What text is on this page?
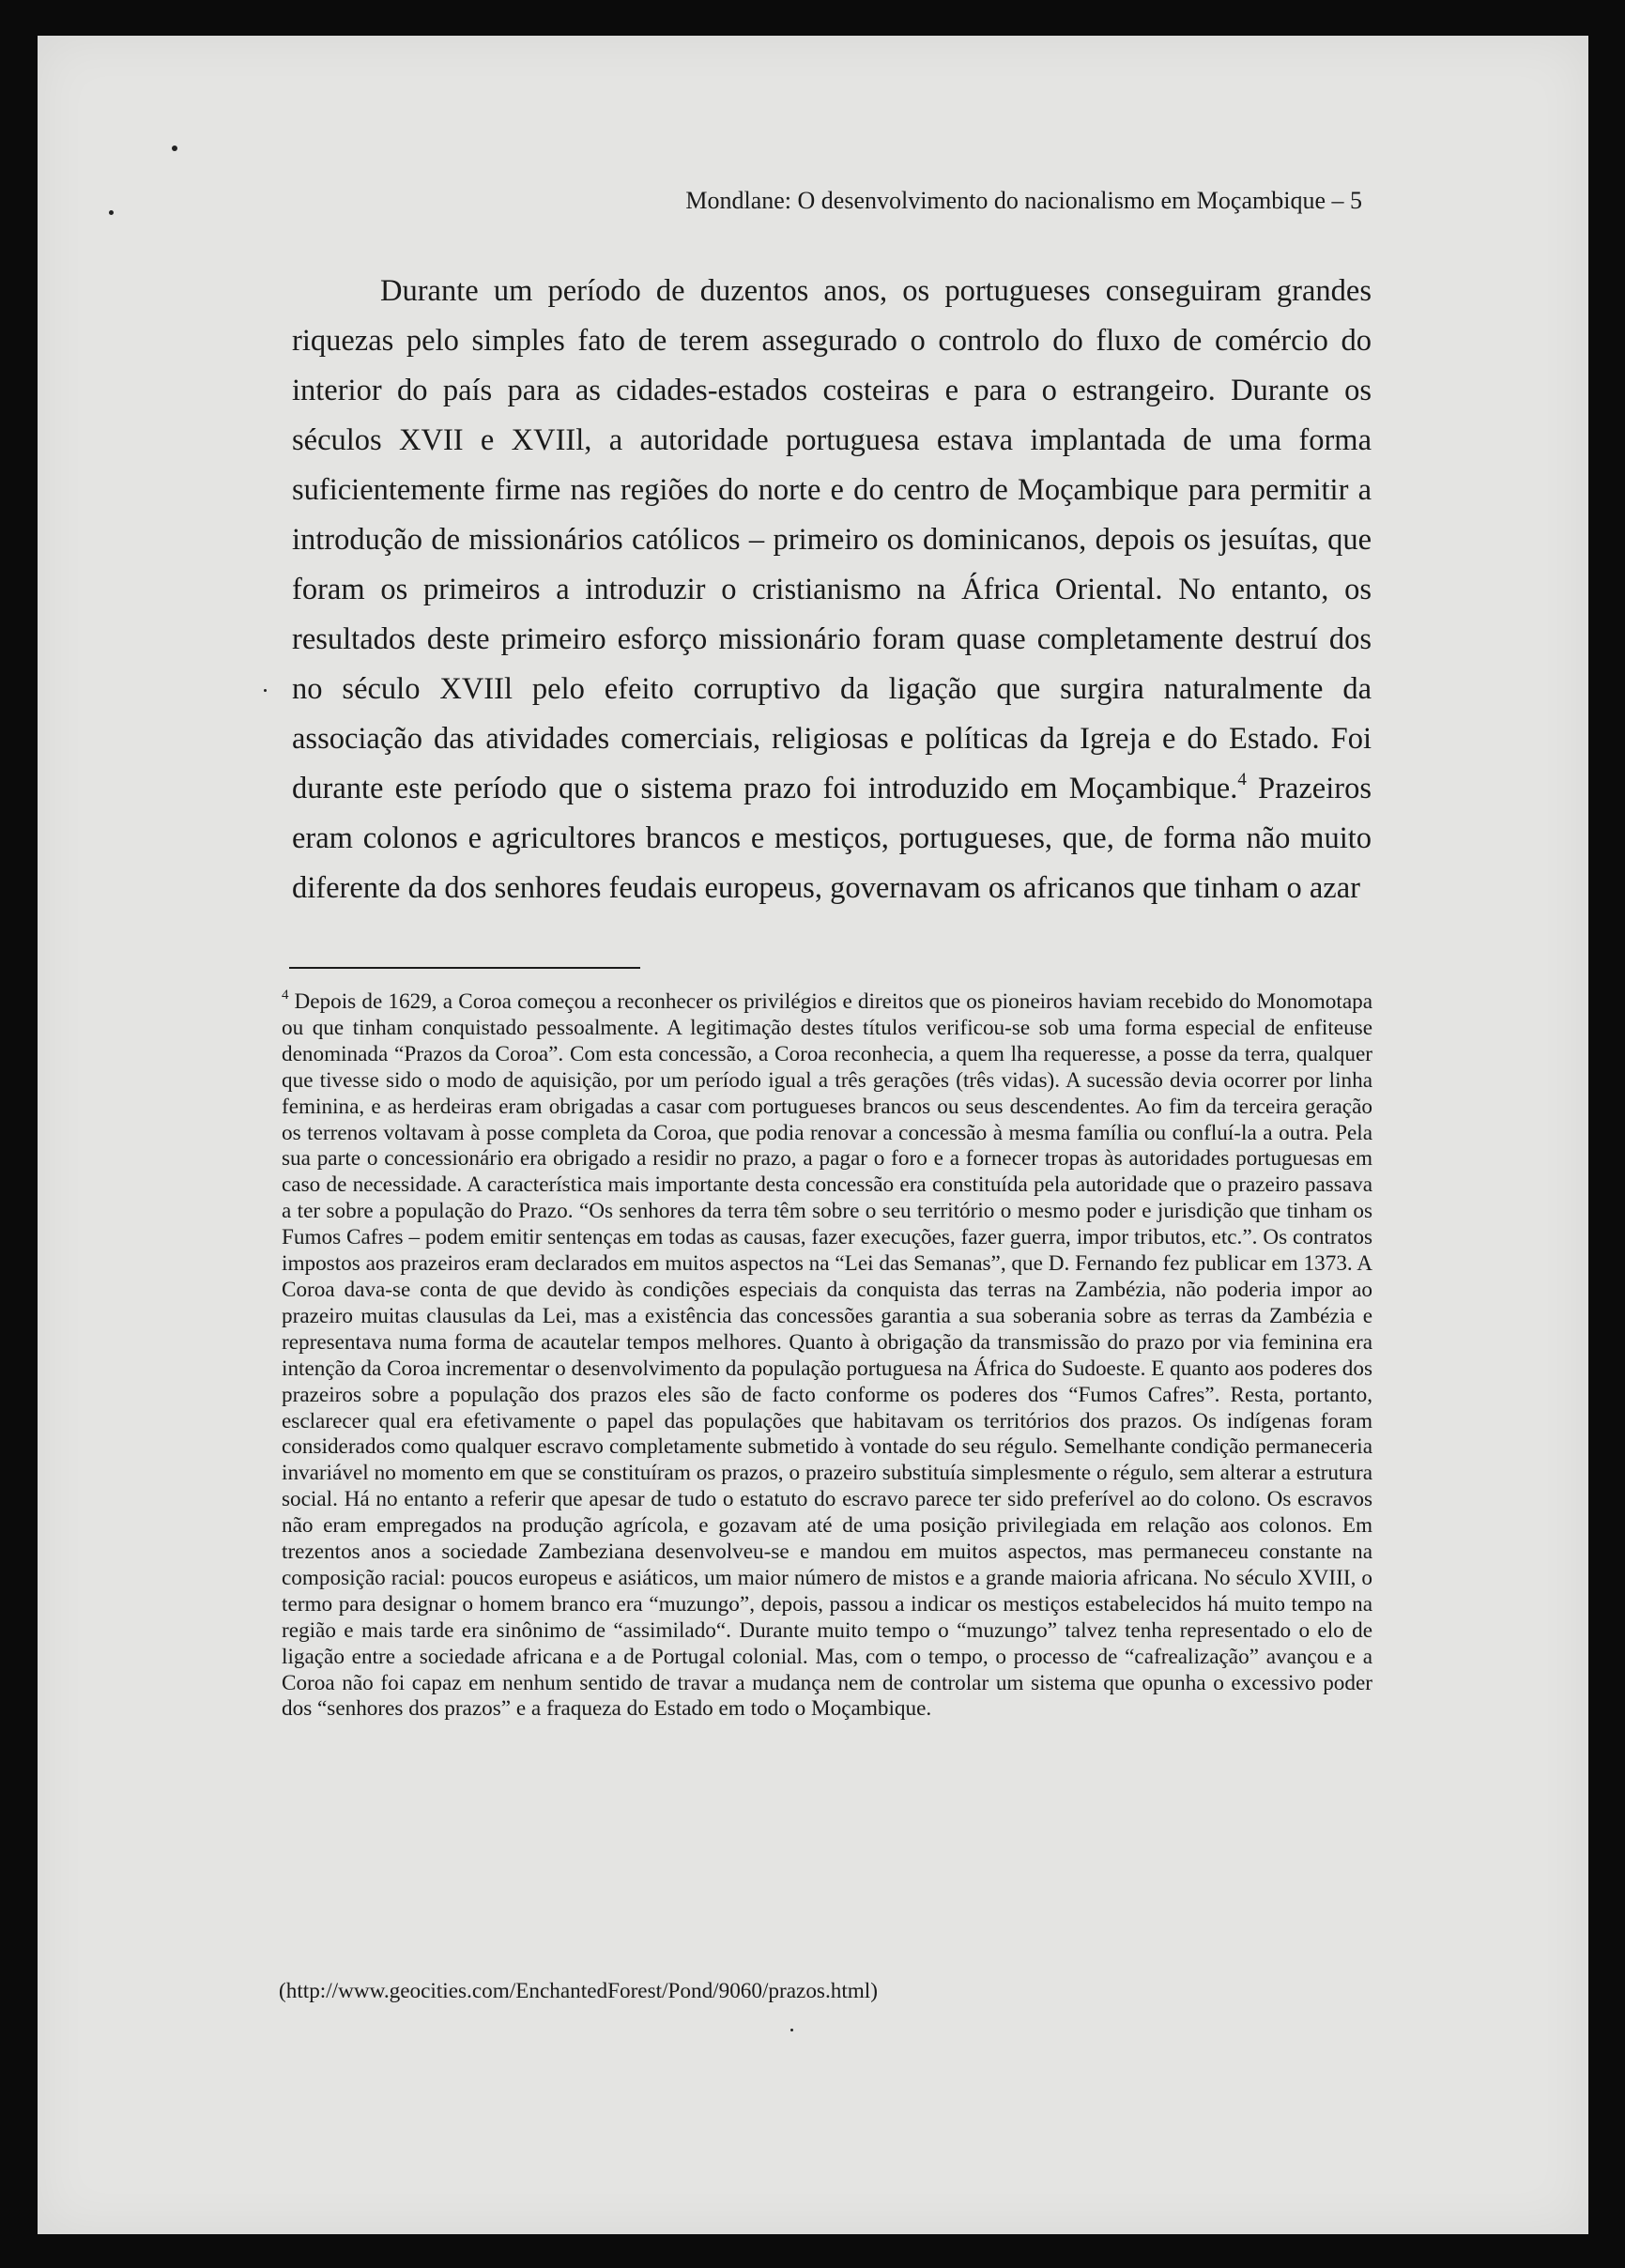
Mondlane: O desenvolvimento do nacionalismo em Moçambique – 5

Durante um período de duzentos anos, os portugueses conseguiram grandes riquezas pelo simples fato de terem assegurado o controlo do fluxo de comércio do interior do país para as cidades-estados costeiras e para o estrangeiro. Durante os séculos XVII e XVIIl, a autoridade portuguesa estava implantada de uma forma suficientemente firme nas regiões do norte e do centro de Moçambique para permitir a introdução de missionários católicos – primeiro os dominicanos, depois os jesuítas, que foram os primeiros a introduzir o cristianismo na África Oriental. No entanto, os resultados deste primeiro esforço missionário foram quase completamente destruí dos no século XVIIl pelo efeito corruptivo da ligação que surgira naturalmente da associação das atividades comerciais, religiosas e políticas da Igreja e do Estado. Foi durante este período que o sistema prazo foi introduzido em Moçambique.$^4$ Prazeiros eram colonos e agricultores brancos e mestiços, portugueses, que, de forma não muito diferente da dos senhores feudais europeus, governavam os africanos que tinham o azar

$^4$ Depois de 1629, a Coroa começou a reconhecer os privilégios e direitos que os pioneiros haviam recebido do Monomotapa ou que tinham conquistado pessoalmente. A legitimação destes títulos verificou-se sob uma forma especial de enfiteuse denominada “Prazos da Coroa”. Com esta concessão, a Coroa reconhecia, a quem lha requeresse, a posse da terra, qualquer que tivesse sido o modo de aquisição, por um período igual a três gerações (três vidas). A sucessão devia ocorrer por linha feminina, e as herdeiras eram obrigadas a casar com portugueses brancos ou seus descendentes. Ao fim da terceira geração os terrenos voltavam à posse completa da Coroa, que podia renovar a concessão à mesma família ou confluí-la a outra. Pela sua parte o concessionário era obrigado a residir no prazo, a pagar o foro e a fornecer tropas às autoridades portuguesas em caso de necessidade. A característica mais importante desta concessão era constituída pela autoridade que o prazeiro passava a ter sobre a população do Prazo. “Os senhores da terra têm sobre o seu território o mesmo poder e jurisdição que tinham os Fumos Cafres – podem emitir sentenças em todas as causas, fazer execuções, fazer guerra, impor tributos, etc.”. Os contratos impostos aos prazeiros eram declarados em muitos aspectos na “Lei das Semanas”, que D. Fernando fez publicar em 1373. A Coroa dava-se conta de que devido às condições especiais da conquista das terras na Zambézia, não poderia impor ao prazeiro muitas clausulas da Lei, mas a existência das concessões garantia a sua soberania sobre as terras da Zambézia e representava numa forma de acautelar tempos melhores. Quanto à obrigação da transmissão do prazo por via feminina era intenção da Coroa incrementar o desenvolvimento da população portuguesa na África do Sudoeste. E quanto aos poderes dos prazeiros sobre a população dos prazos eles são de facto conforme os poderes dos “Fumos Cafres”. Resta, portanto, esclarecer qual era efetivamente o papel das populações que habitavam os territórios dos prazos. Os indígenas foram considerados como qualquer escravo completamente submetido à vontade do seu régulo. Semelhante condição permaneceria invariável no momento em que se constituíram os prazos, o prazeiro substituía simplesmente o régulo, sem alterar a estrutura social. Há no entanto a referir que apesar de tudo o estatuto do escravo parece ter sido preferível ao do colono. Os escravos não eram empregados na produção agrícola, e gozavam até de uma posição privilegiada em relação aos colonos. Em trezentos anos a sociedade Zambeziana desenvolveu-se e mandou em muitos aspectos, mas permaneceu constante na composição racial: poucos europeus e asiáticos, um maior número de mistos e a grande maioria africana. No século XVIII, o termo para designar o homem branco era “muzungo”, depois, passou a indicar os mestiços estabelecidos há muito tempo na região e mais tarde era sinônimo de “assimilado“. Durante muito tempo o “muzungo” talvez tenha representado o elo de ligação entre a sociedade africana e a de Portugal colonial. Mas, com o tempo, o processo de “cafrealização” avançou e a Coroa não foi capaz em nenhum sentido de travar a mudança nem de controlar um sistema que opunha o excessivo poder dos “senhores dos prazos” e a fraqueza do Estado em todo o Moçambique.

(http://www.geocities.com/EnchantedForest/Pond/9060/prazos.html)
